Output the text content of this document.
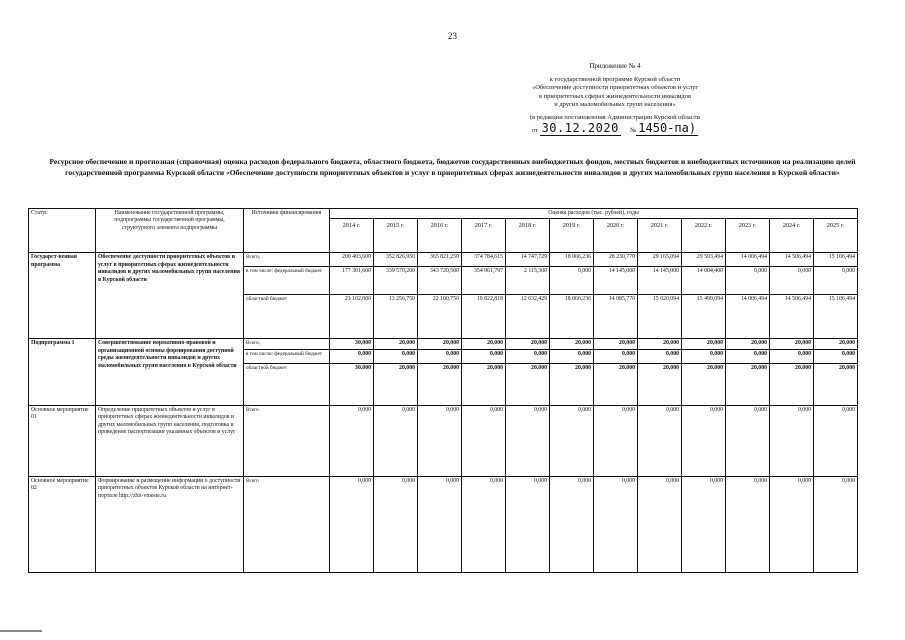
23
Приложение № 4
к государственной программе Курской области
«Обеспечение доступности приоритетных объектов и услуг
в приоритетных сферах жизнедеятельности инвалидов
и других маломобильных групп населения»
(в редакции постановления Администрации Курской области
от 30.12.2020 № 1450-па)
Ресурсное обеспечение и прогнозная (справочная) оценка расходов федерального бюджета, областного бюджета, бюджетов государственных внебюджетных фондов, местных бюджетов и внебюджетных источников на реализацию целей государственной программы Курской области «Обеспечение доступности приоритетных объектов и услуг в приоритетных сферах жизнедеятельности инвалидов и других маломобильных групп населения в Курской области»
Статус	Наименование государственной программы, подпрограммы государственной программы, структурного элемента подпрограммы	Источники финансирования	Оценка расходов (тыс. рублей), годы											
			2014 г.	2015 г.	2016 г.	2017 г.	2018 г.	2019 г.	2020 г.	2021 г.	2022 г.	2023 г.	2024 г.	2025 г.
Государст-венная программа	Обеспечение доступности приоритетных объектов и услуг в приоритетных сферах жизнедеятельности инвалидов и других маломобильных групп населения в Курской области	Всего,	200 403,600	352 826,950	365 821,250	374 784,615	14 747,729	18 066,236	28 230,770	29 165,094	29 503,494	14 006,494	14 506,494	15 106,494
		в том числе: федеральный бюджет	177 301,600	339 570,200	343 720,500	354 961,797	2 115,300	0,000	14 145,000	14 145,000	14 004,400	0,000	0,000	0,000
		областной бюджет	23 102,000	13 256,750	22 100,750	19 822,818	12 632,429	18 066,236	14 085,770	15 020,094	15 499,094	14 006,494	14 506,494	15 106,494
Подпрограмма 1	Совершенствование нормативно-правовой и организационной основы формирования доступной среды жизнедеятельности инвалидов и других маломобильных групп населения в Курской области	Всего,	30,000	20,000	20,000	20,000	20,000	20,000	20,000	20,000	20,000	20,000	20,000	20,000
		в том числе: федеральный бюджет	0,000	0,000	0,000	0,000	0,000	0,000	0,000	0,000	0,000	0,000	0,000	0,000
		областной бюджет	30,000	20,000	20,000	20,000	20,000	20,000	20,000	20,000	20,000	20,000	20,000	20,000
Основное мероприятие 01	Определение приоритетных объектов и услуг в приоритетных сферах жизнедеятельности инвалидов и других маломобильных групп населения, подготовка и проведение паспортизации указанных объектов и услуг	Всего	0,000	0,000	0,000	0,000	0,000	0,000	0,000	0,000	0,000	0,000	0,000	0,000
Основное мероприятие 02	Формирование и размещение информации о доступности приоритетных объектов Курской области на интернет-портале http://zhit-vmeste.ru	Всего	0,000	0,000	0,000	0,000	0,000	0,000	0,000	0,000	0,000	0,000	0,000	0,000
